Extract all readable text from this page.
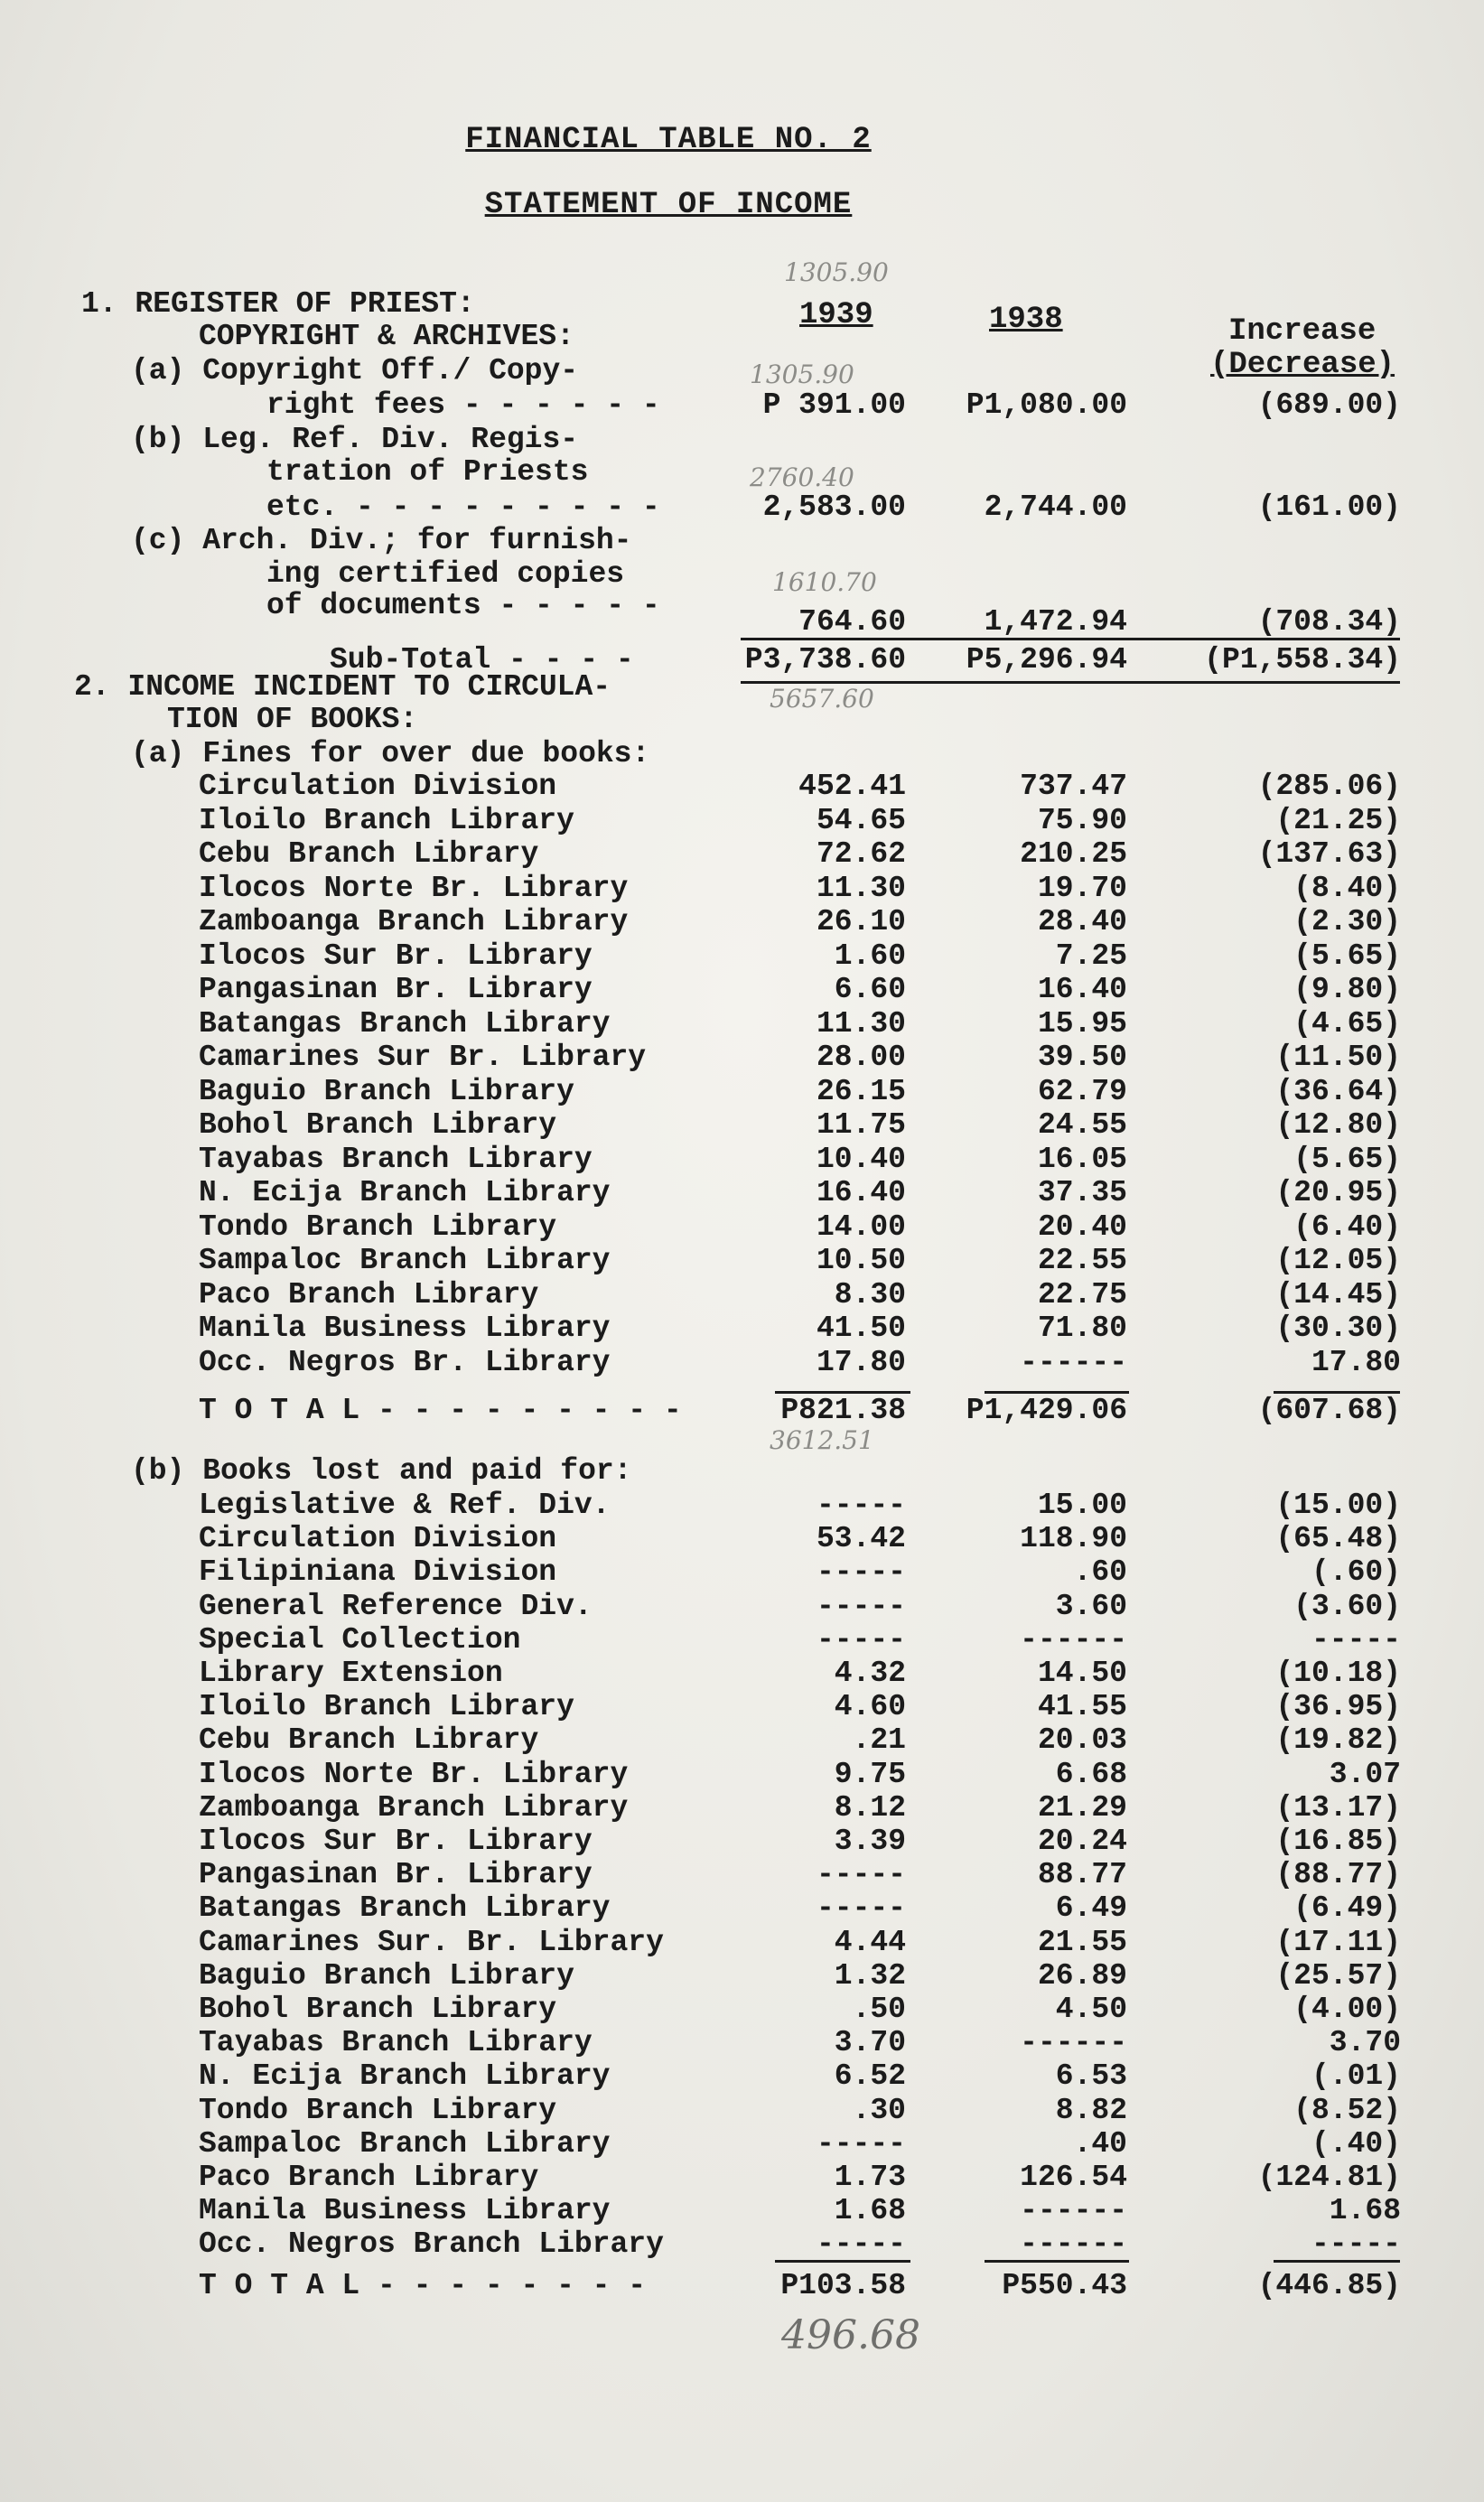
FINANCIAL TABLE NO. 2
STATEMENT OF INCOME
1939	1938	Increase
(Decrease)
1305.90
1305.90
2760.40
1610.70
5657.60
3612.51
496.68
1. REGISTER OF PRIEST:
COPYRIGHT & ARCHIVES:
(a) Copyright Off./ Copy-
right fees - - - - - -	P 391.00 P1,080.00	(689.00)
(b) Leg. Ref. Div. Regis-
tration of Priests
etc. - - - - - - - - -	2,583.00	2,744.00	(161.00)
(c) Arch. Div.; for furnish-
ing certified copies
of documents - - - - -	764.60	1,472.94	(708.34)
Sub-Total - - - -	P3,738.60 P5,296.94	(P1,558.34)
2. INCOME INCIDENT TO CIRCULA-
TION OF BOOKS:
(a) Fines for over due books:
Circulation Division	452.41	737.47	(285.06)
Iloilo Branch Library	54.65	75.90	(21.25)
Cebu Branch Library	72.62	210.25	(137.63)
Ilocos Norte Br. Library	11.30	19.70	(8.40)
Zamboanga Branch Library	26.10	28.40	(2.30)
Ilocos Sur Br. Library	1.60	7.25	(5.65)
Pangasinan Br. Library	6.60	16.40	(9.80)
Batangas Branch Library	11.30	15.95	(4.65)
Camarines Sur Br. Library	28.00	39.50	(11.50)
Baguio Branch Library	26.15	62.79	(36.64)
Bohol Branch Library	11.75	24.55	(12.80)
Tayabas Branch Library	10.40	16.05	(5.65)
N. Ecija Branch Library	16.40	37.35	(20.95)
Tondo Branch Library	14.00	20.40	(6.40)
Sampaloc Branch Library	10.50	22.55	(12.05)
Paco Branch Library	8.30	22.75	(14.45)
Manila Business Library	41.50	71.80	(30.30)
Occ. Negros Br. Library	17.80	------	17.80
T O T A L - - - - - - - - -	P821.38 P1,429.06	(607.68)
(b) Books lost and paid for:
Legislative & Ref. Div.	-----	15.00	(15.00)
Circulation Division	53.42	118.90	(65.48)
Filipiniana Division	-----	.60	(.60)
General Reference Div.	-----	3.60	(3.60)
Special Collection	-----	------	-----
Library Extension	4.32	14.50	(10.18)
Iloilo Branch Library	4.60	41.55	(36.95)
Cebu Branch Library	.21	20.03	(19.82)
Ilocos Norte Br. Library	9.75	6.68	3.07
Zamboanga Branch Library	8.12	21.29	(13.17)
Ilocos Sur Br. Library	3.39	20.24	(16.85)
Pangasinan Br. Library	-----	88.77	(88.77)
Batangas Branch Library	-----	6.49	(6.49)
Camarines Sur. Br. Library	4.44	21.55	(17.11)
Baguio Branch Library	1.32	26.89	(25.57)
Bohol Branch Library	.50	4.50	(4.00)
Tayabas Branch Library	3.70	------	3.70
N. Ecija Branch Library	6.52	6.53	(.01)
Tondo Branch Library	.30	8.82	(8.52)
Sampaloc Branch Library	-----	.40	(.40)
Paco Branch Library	1.73	126.54	(124.81)
Manila Business Library	1.68	------	1.68
Occ. Negros Branch Library	-----	------	-----
T O T A L - - - - - - - -	P103.58	P550.43	(446.85)
